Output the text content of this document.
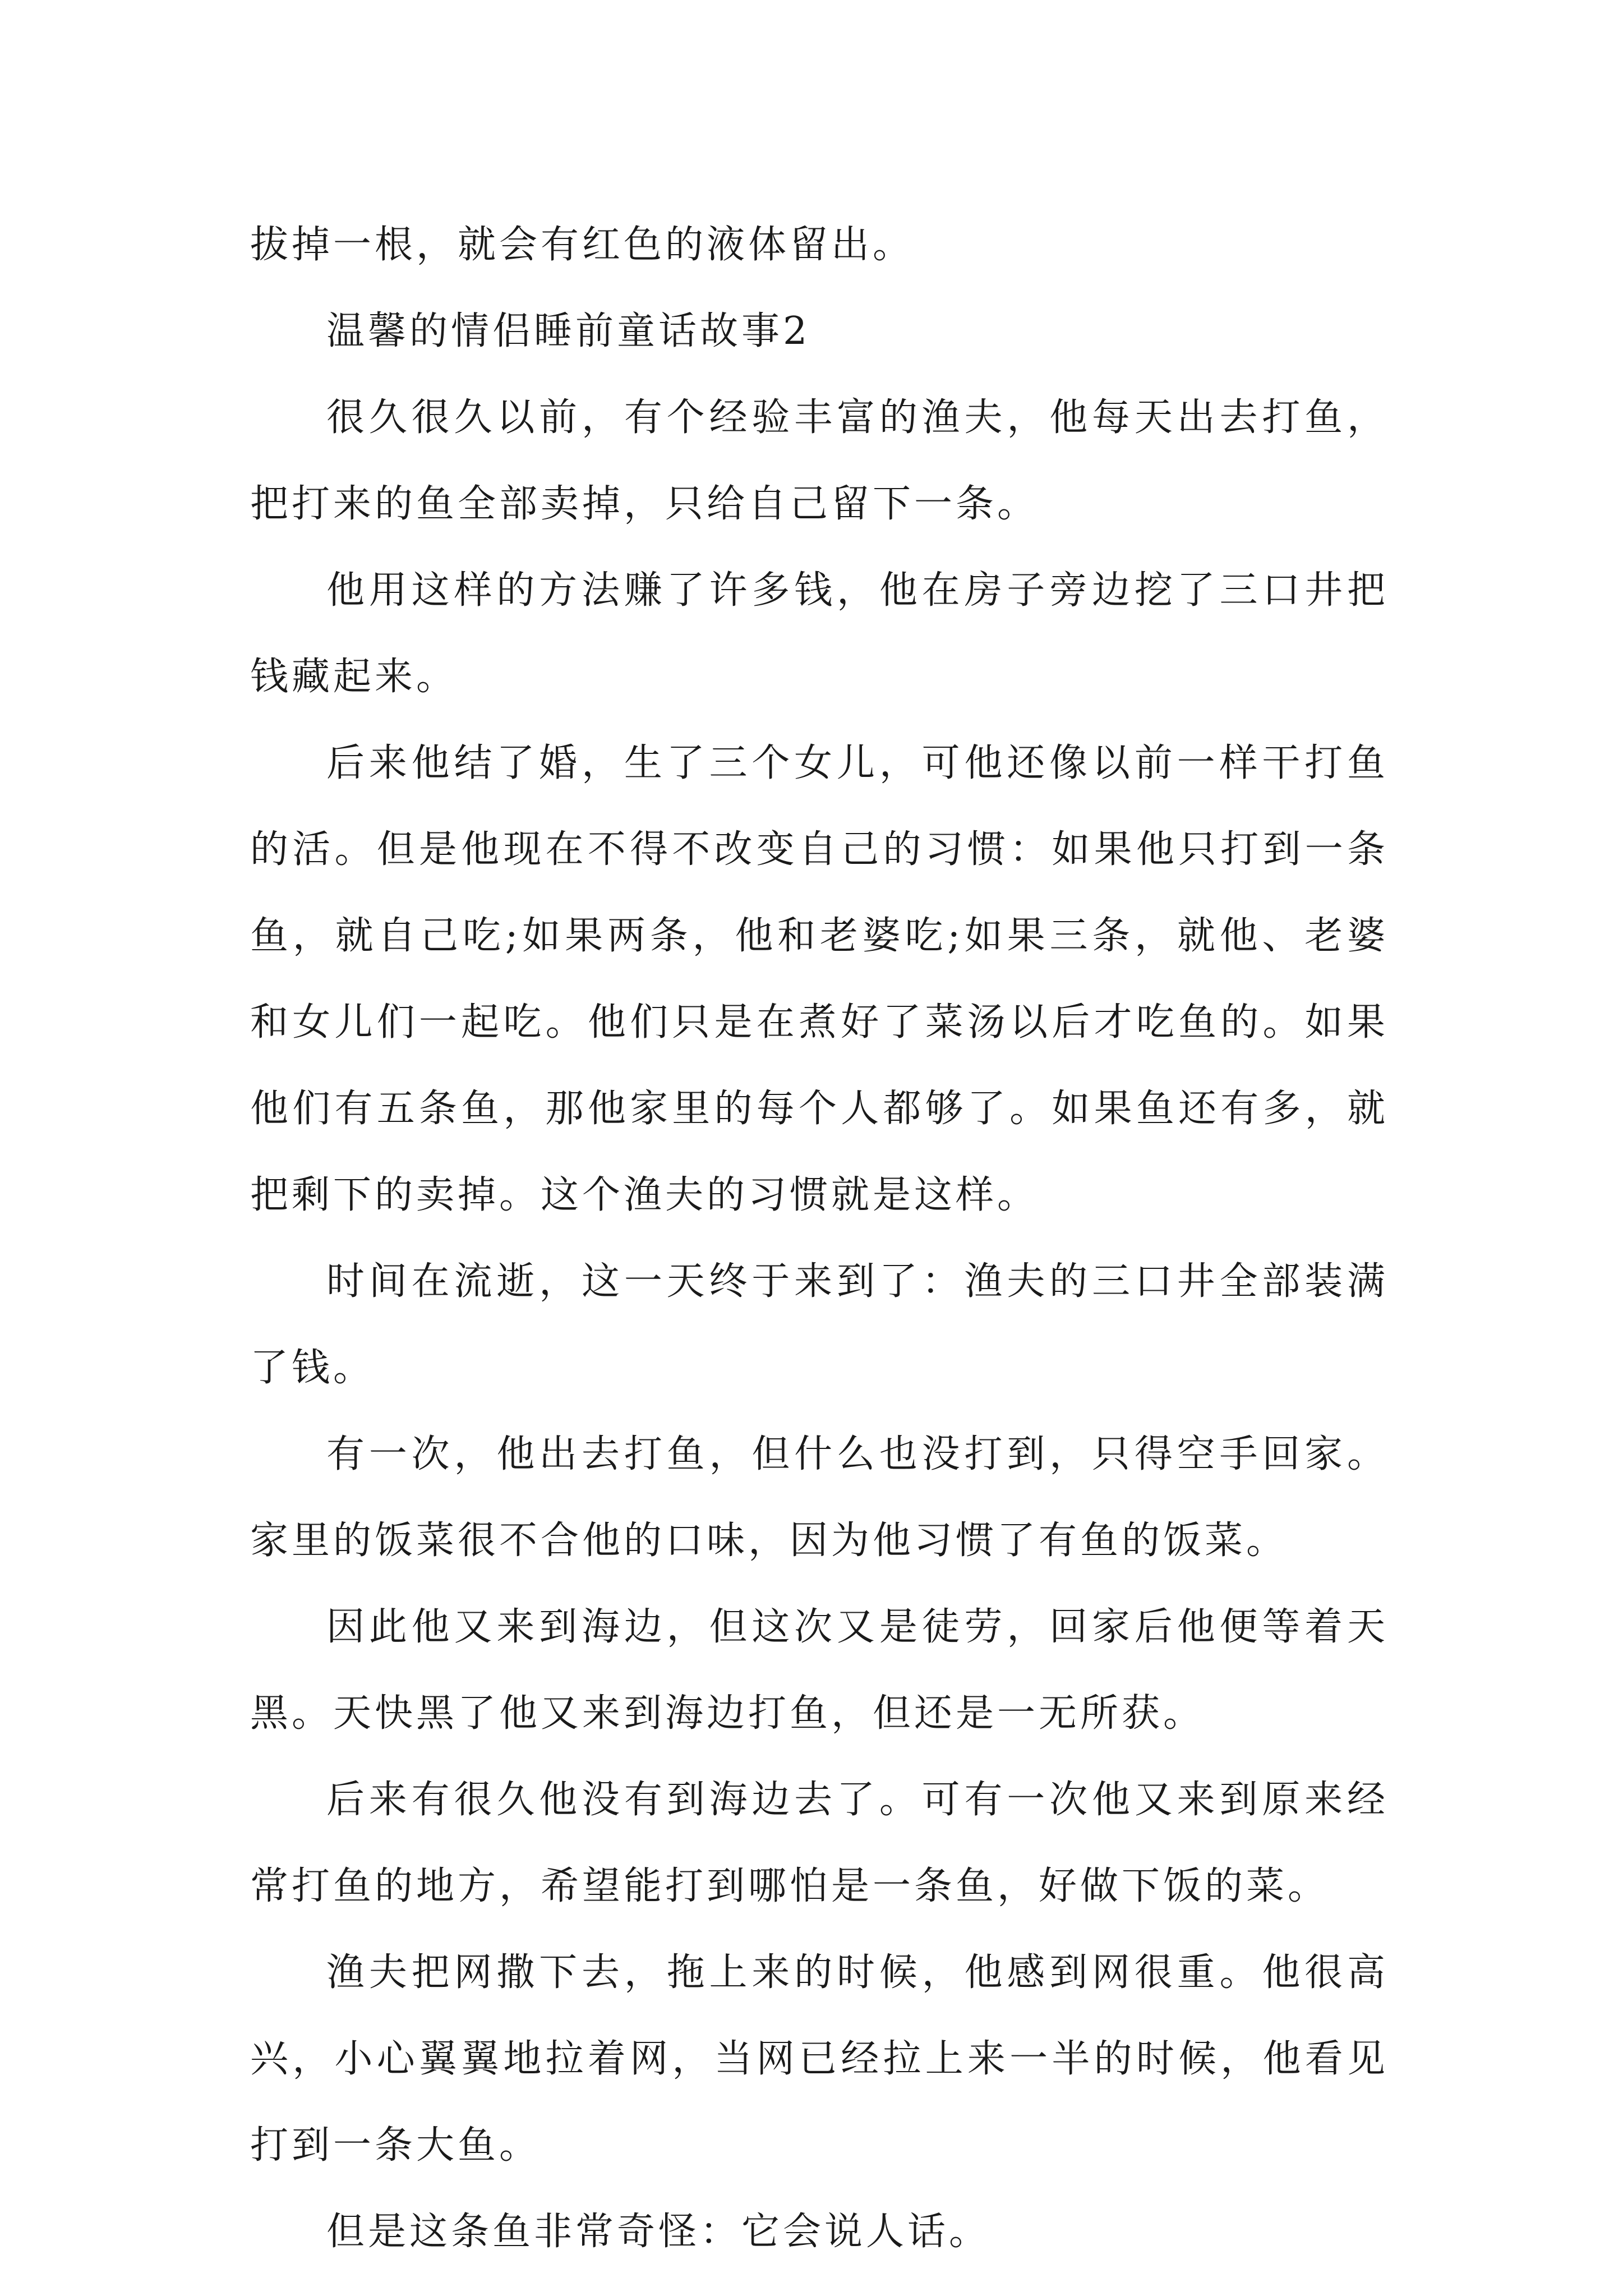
拔掉一根，就会有红色的液体留出。

温馨的情侣睡前童话故事2

很久很久以前，有个经验丰富的渔夫，他每天出去打鱼，把打来的鱼全部卖掉，只给自己留下一条。

他用这样的方法赚了许多钱，他在房子旁边挖了三口井把钱藏起来。

后来他结了婚，生了三个女儿，可他还像以前一样干打鱼的活。但是他现在不得不改变自己的习惯：如果他只打到一条鱼，就自己吃;如果两条，他和老婆吃;如果三条，就他、老婆和女儿们一起吃。他们只是在煮好了菜汤以后才吃鱼的。如果他们有五条鱼，那他家里的每个人都够了。如果鱼还有多，就把剩下的卖掉。这个渔夫的习惯就是这样。

时间在流逝，这一天终于来到了：渔夫的三口井全部装满了钱。

有一次，他出去打鱼，但什么也没打到，只得空手回家。家里的饭菜很不合他的口味，因为他习惯了有鱼的饭菜。

因此他又来到海边，但这次又是徒劳，回家后他便等着天黑。天快黑了他又来到海边打鱼，但还是一无所获。

后来有很久他没有到海边去了。可有一次他又来到原来经常打鱼的地方，希望能打到哪怕是一条鱼，好做下饭的菜。

渔夫把网撒下去，拖上来的时候，他感到网很重。他很高兴，小心翼翼地拉着网，当网已经拉上来一半的时候，他看见打到一条大鱼。

但是这条鱼非常奇怪：它会说人话。
